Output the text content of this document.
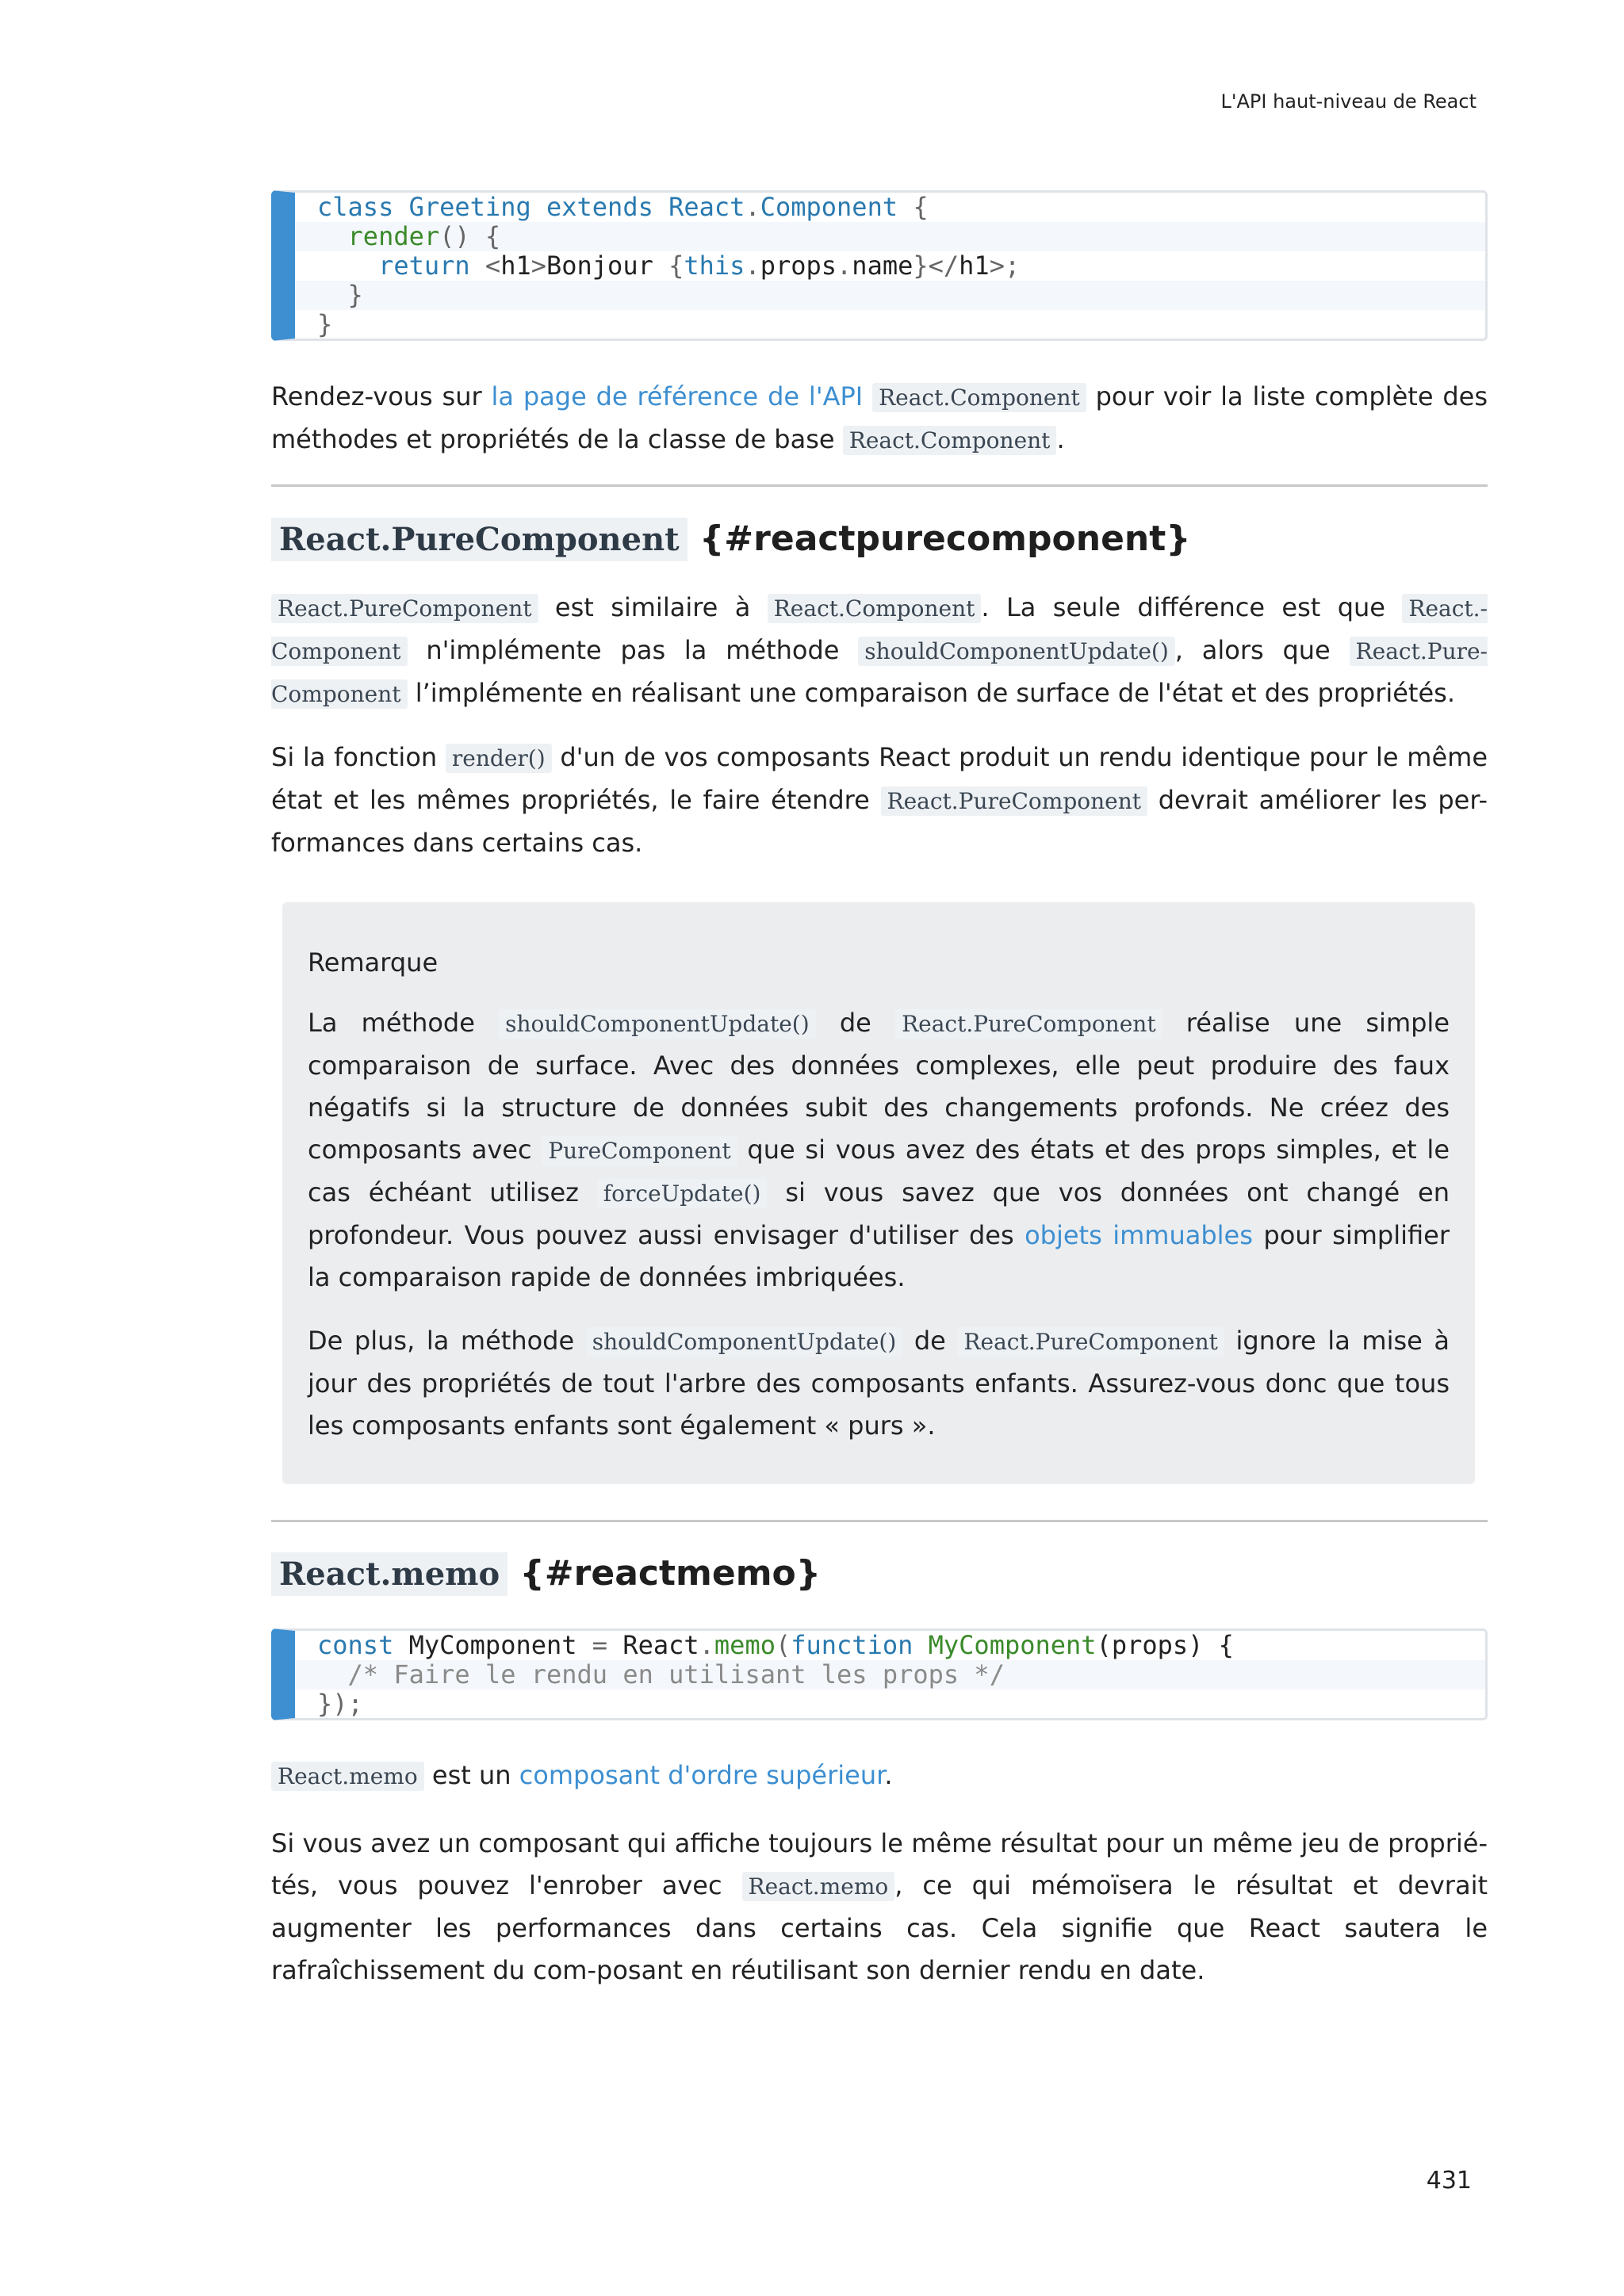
L'API haut-niveau de React
class Greeting extends React.Component {
render() {
return <h1>Bonjour {this.props.name}</h1>;
}
}
Rendez-vous sur la page de référence de l'API React.Component pour voir la liste complète des méthodes et propriétés de la classe de base React.Component .
React.PureComponent {#reactpurecomponent}
React.PureComponent est similaire à React.Component . La seule différence est que React.-Component n'implémente pas la méthode shouldComponentUpdate() , alors que React.Pure-Component l’implémente en réalisant une comparaison de surface de l'état et des propriétés.
Si la fonction render() d'un de vos composants React produit un rendu identique pour le même état et les mêmes propriétés, le faire étendre React.PureComponent devrait améliorer les per-formances dans certains cas.
Remarque
La méthode shouldComponentUpdate() de React.PureComponent réalise une simple comparaison de surface. Avec des données complexes, elle peut produire des faux négatifs si la structure de données subit des changements profonds. Ne créez des composants avec PureComponent que si vous avez des états et des props simples, et le cas échéant utilisez forceUpdate() si vous savez que vos données ont changé en profondeur. Vous pouvez aussi envisager d'utiliser des objets immuables pour simplifier la comparaison rapide de données imbriquées.
De plus, la méthode shouldComponentUpdate() de React.PureComponent ignore la mise à jour des propriétés de tout l'arbre des composants enfants. Assurez-vous donc que tous les composants enfants sont également « purs ».
React.memo {#reactmemo}
const MyComponent = React.memo(function MyComponent(props) {
/* Faire le rendu en utilisant les props */
});
React.memo est un composant d'ordre supérieur.
Si vous avez un composant qui affiche toujours le même résultat pour un même jeu de proprié-tés, vous pouvez l'enrober avec React.memo , ce qui mémoïsera le résultat et devrait augmenter les performances dans certains cas. Cela signifie que React sautera le rafraîchissement du com-posant en réutilisant son dernier rendu en date.
431
